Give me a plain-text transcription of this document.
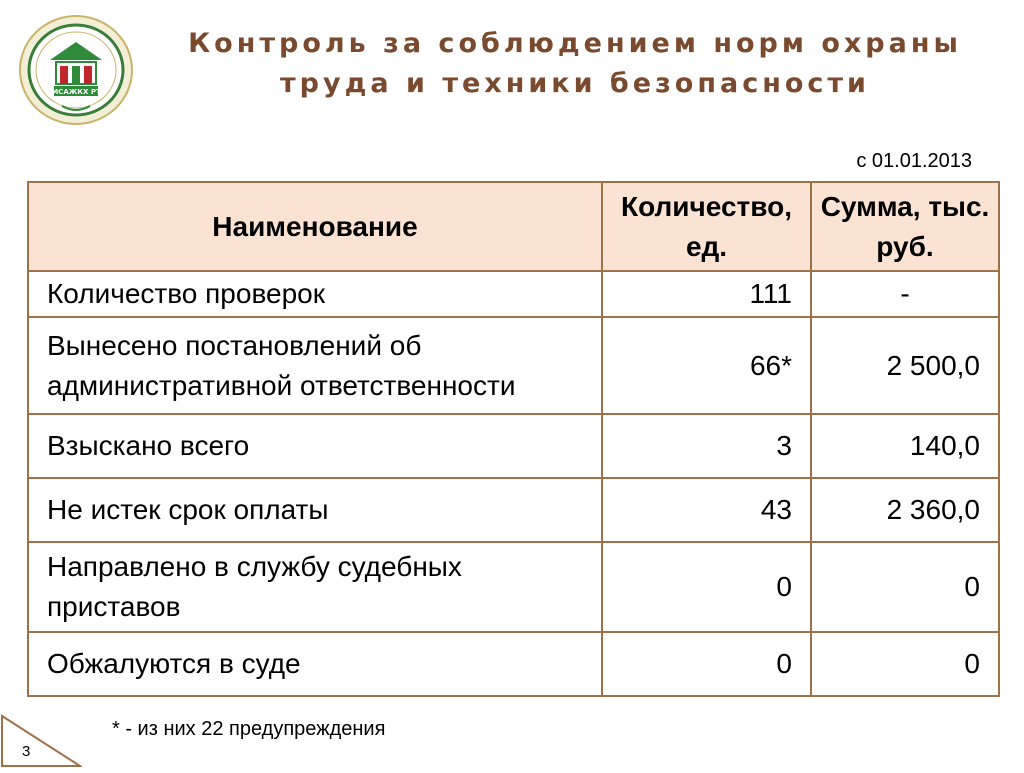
МСАЖКХ РТ
Контроль за соблюдением норм охраны
труда и техники безопасности
с 01.01.2013
Наименование	Количество, ед.	Сумма, тыс. руб.
Количество проверок	111	-
Вынесено постановлений об административной ответственности	66*	2 500,0
Взыскано всего	3	140,0
Не истек срок оплаты	43	2 360,0
Направлено в службу судебных приставов	0	0
Обжалуются в суде	0	0
* - из них 22 предупреждения
3
